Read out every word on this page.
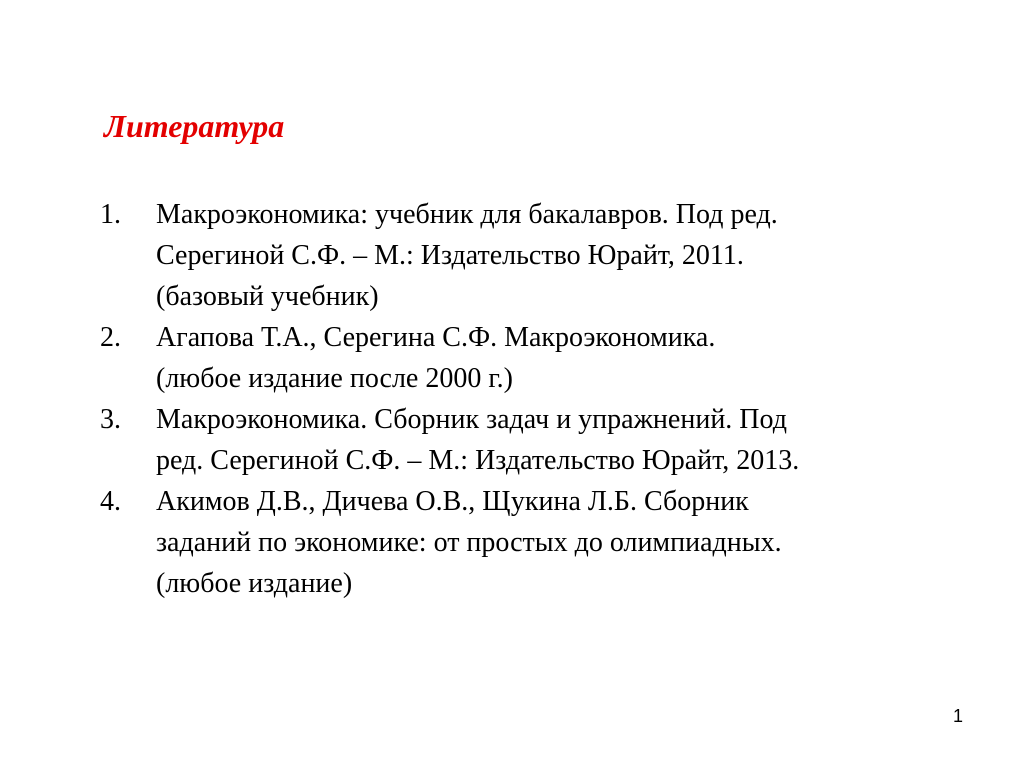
Литература
1. Макроэкономика: учебник для бакалавров. Под ред.
Серегиной С.Ф. – М.: Издательство Юрайт, 2011.
(базовый учебник)
2. Агапова Т.А., Серегина С.Ф. Макроэкономика.
(любое издание после 2000 г.)
3. Макроэкономика. Сборник задач и упражнений. Под
ред. Серегиной С.Ф. – М.: Издательство Юрайт, 2013.
4. Акимов Д.В., Дичева О.В., Щукина Л.Б. Сборник
заданий по экономике: от простых до олимпиадных.
(любое издание)
1
